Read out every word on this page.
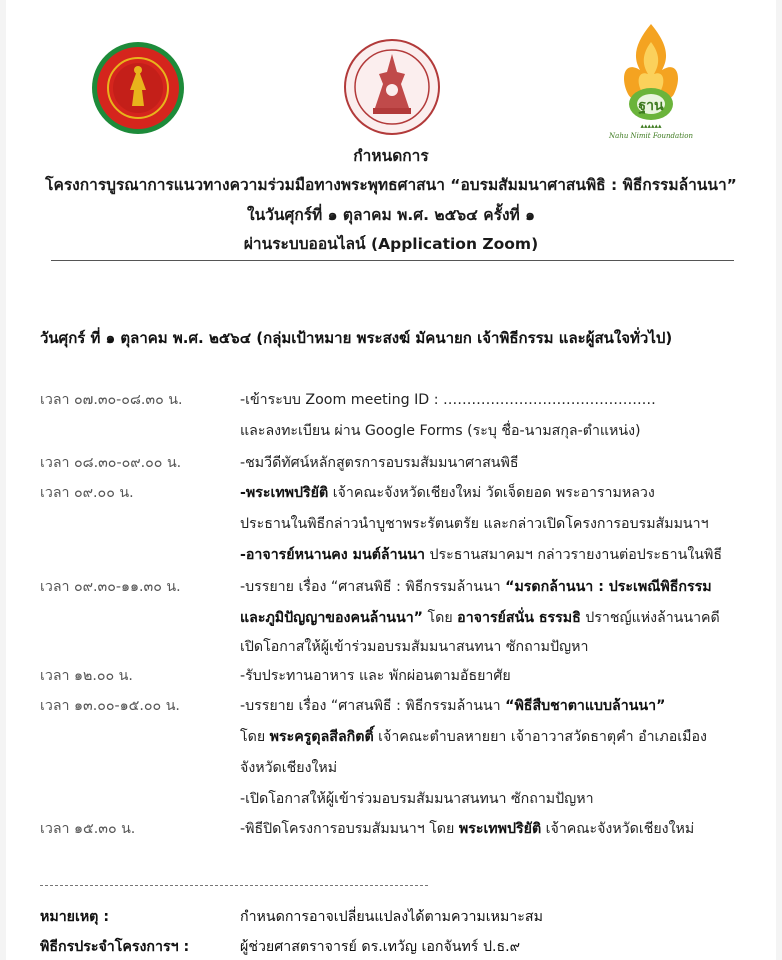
ฐาน
▴▴▴▴▴▴
Nahu Nimit Foundation
กำหนดการ
โครงการบูรณาการแนวทางความร่วมมือทางพระพุทธศาสนา “อบรมสัมมนาศาสนพิธิ : พิธีกรรมล้านนา”
ในวันศุกร์ที่ ๑ ตุลาคม พ.ศ. ๒๕๖๔ ครั้งที่ ๑
ผ่านระบบออนไลน์ (Application Zoom)
วันศุกร์ ที่ ๑ ตุลาคม พ.ศ. ๒๕๖๔ (กลุ่มเป้าหมาย พระสงฆ์ มัคนายก เจ้าพิธีกรรม และผู้สนใจทั่วไป)
เวลา ๐๗.๓๐-๐๘.๓๐ น.	-เข้าระบบ Zoom meeting ID : ………………………………………
และลงทะเบียน ผ่าน Google Forms (ระบุ ชื่อ-นามสกุล-ตำแหน่ง)
เวลา ๐๘.๓๐-๐๙.๐๐ น.	-ชมวีดีทัศน์หลักสูตรการอบรมสัมมนาศาสนพิธี
เวลา ๐๙.๐๐ น.	-พระเทพปริยัติ เจ้าคณะจังหวัดเชียงใหม่ วัดเจ็ดยอด พระอารามหลวง
ประธานในพิธีกล่าวนำบูชาพระรัตนตรัย และกล่าวเปิดโครงการอบรมสัมมนาฯ
-อาจารย์หนานคง มนต์ล้านนา ประธานสมาคมฯ กล่าวรายงานต่อประธานในพิธี
เวลา ๐๙.๓๐-๑๑.๓๐ น.	-บรรยาย เรื่อง “ศาสนพิธี : พิธีกรรมล้านนา “มรดกล้านนา : ประเพณีพิธีกรรม
และภูมิปัญญาของคนล้านนา” โดย อาจารย์สนั่น ธรรมธิ ปราชญ์แห่งล้านนาคดี
เปิดโอกาสให้ผู้เข้าร่วมอบรมสัมมนาสนทนา ซักถามปัญหา
เวลา ๑๒.๐๐ น.	-รับประทานอาหาร และ พักผ่อนตามอัธยาศัย
เวลา ๑๓.๐๐-๑๕.๐๐ น.	-บรรยาย เรื่อง “ศาสนพิธี : พิธีกรรมล้านนา “พิธีสืบชาตาแบบล้านนา”
โดย พระครูดุลสีลกิตติ์ เจ้าคณะตำบลหายยา เจ้าอาวาสวัดธาตุคำ อำเภอเมือง
จังหวัดเชียงใหม่
-เปิดโอกาสให้ผู้เข้าร่วมอบรมสัมมนาสนทนา ซักถามปัญหา
เวลา ๑๕.๓๐ น.	-พิธีปิดโครงการอบรมสัมมนาฯ โดย พระเทพปริยัติ เจ้าคณะจังหวัดเชียงใหม่
หมายเหตุ :	กำหนดการอาจเปลี่ยนแปลงได้ตามความเหมาะสม
พิธีกรประจำโครงการฯ :	ผู้ช่วยศาสตราจารย์ ดร.เทวัญ เอกจันทร์ ป.ธ.๙
